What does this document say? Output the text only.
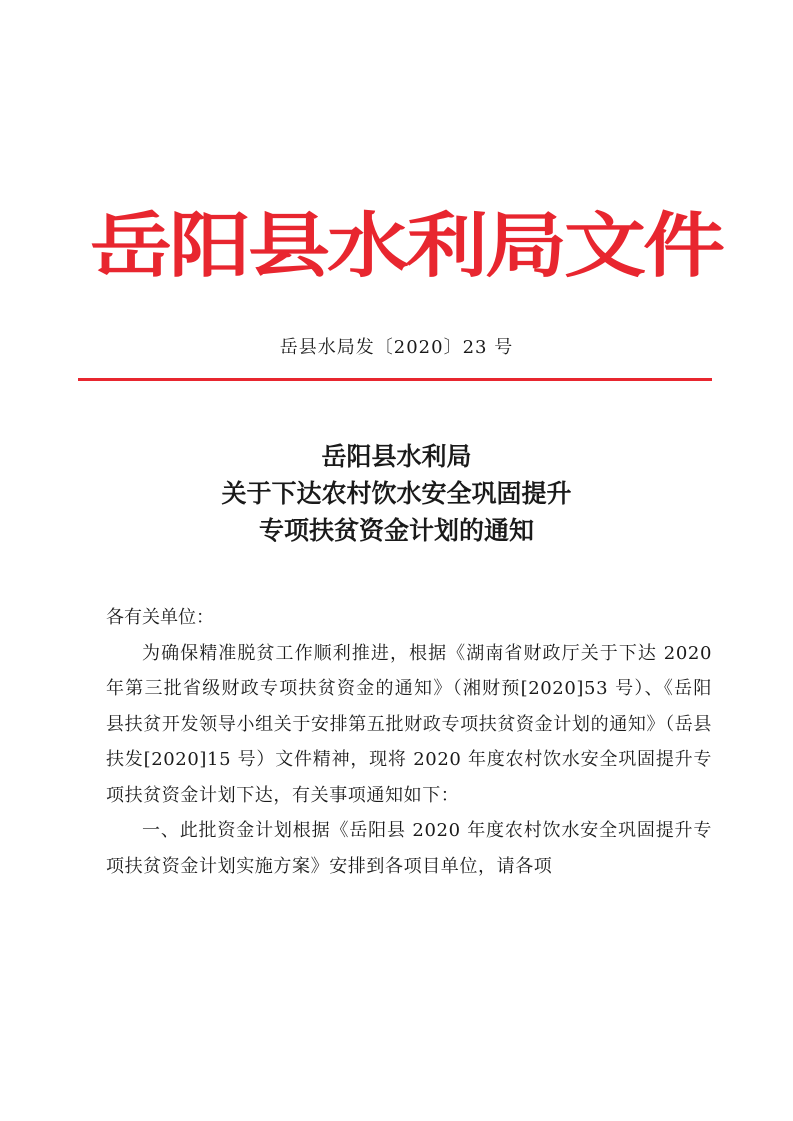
岳阳县水利局文件
岳县水局发〔2020〕23 号
岳阳县水利局
关于下达农村饮水安全巩固提升
专项扶贫资金计划的通知

各有关单位：

为确保精准脱贫工作顺利推进，根据《湖南省财政厅关于下达 2020 年第三批省级财政专项扶贫资金的通知》（湘财预[2020]53 号）、《岳阳县扶贫开发领导小组关于安排第五批财政专项扶贫资金计划的通知》（岳县扶发[2020]15 号）文件精神，现将 2020 年度农村饮水安全巩固提升专项扶贫资金计划下达，有关事项通知如下：

一、此批资金计划根据《岳阳县 2020 年度农村饮水安全巩固提升专项扶贫资金计划实施方案》安排到各项目单位，请各项
